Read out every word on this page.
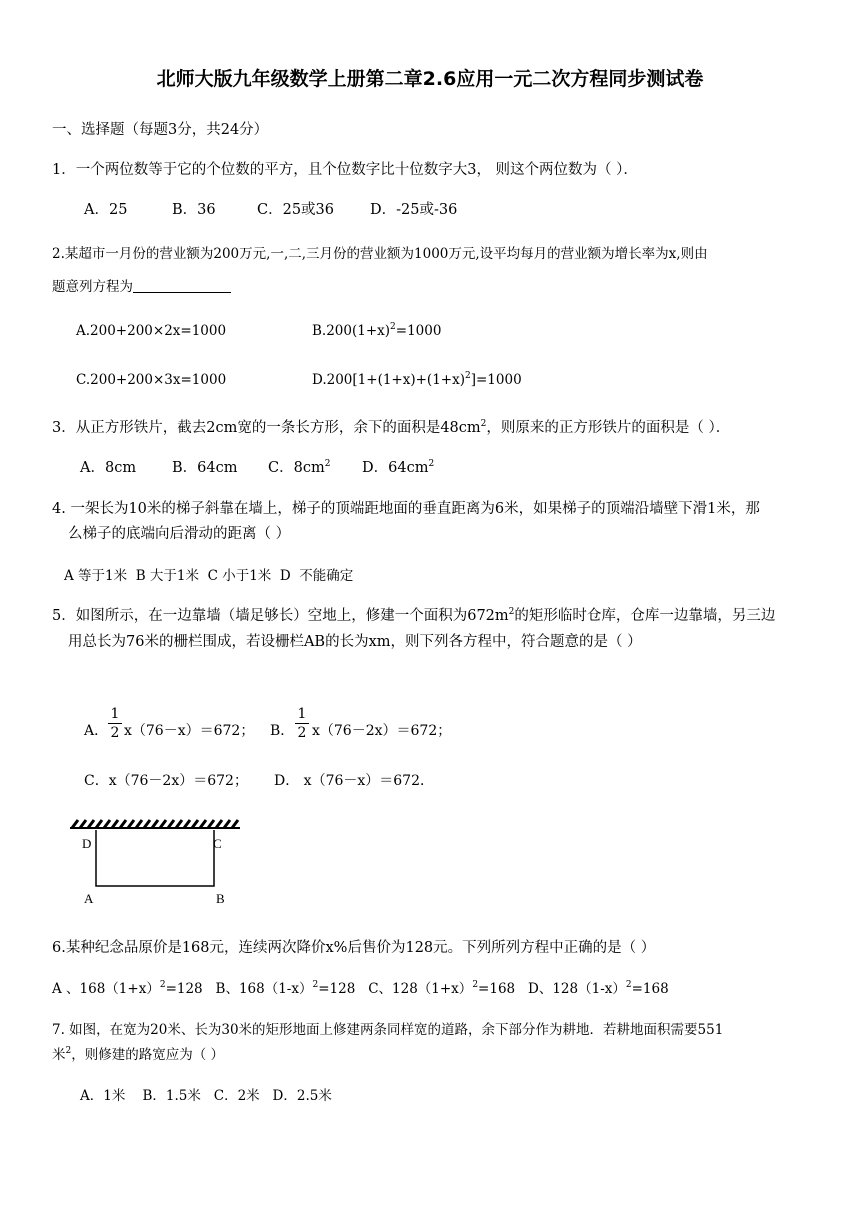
北师大版九年级数学上册第二章2.6应用一元二次方程同步测试卷
一、选择题（每题3分，共24分）
1．一个两位数等于它的个位数的平方，且个位数字比十位数字大3， 则这个两位数为（ ）．
A．25	B．36	C．25或36 D．-25或-36
2.某超市一月份的营业额为200万元,一,二,三月份的营业额为1000万元,设平均每月的营业额为增长率为x,则由
题意列方程为
A.200+200×2x=1000	$B.200(1+x)^2=1000$
C.200+200×3x=1000	$D.200[1+(1+x)+(1+x)^2]=1000$
3．从正方形铁片，截去2cm宽的一条长方形，余下的面积是$48cm^2$，则原来的正方形铁片的面积是（ ）．
A．8cm B．64cm C．$8cm^2$ D．$64cm^2$
4. 一架长为10米的梯子斜靠在墙上，梯子的顶端距地面的垂直距离为6米，如果梯子的顶端沿墙壁下滑1米，那
么梯子的底端向后滑动的距离（ ）
A 等于1米  B 大于1米  C 小于1米  D  不能确定
5．如图所示，在一边靠墙（墙足够长）空地上，修建一个面积为$672m^2$的矩形临时仓库，仓库一边靠墙，另三边
用总长为76米的栅栏围成，若设栅栏AB的长为xm，则下列各方程中，符合题意的是（ ）
A．
1
2 x（76－x）＝672； B．
1
2 x（76－2x）＝672；
C．x（76－2x）＝672； D． x（76－x）＝672．
D	C
A	B
6.某种纪念品原价是168元，连续两次降价x%后售价为128元。下列所列方程中正确的是（ ）
A 、$168(1+x)^2=128$ B、$168(1-x)^2=128$ C、$128(1+x)^2=168$ D、$128(1-x)^2=168$
7. 如图，在宽为20米、长为30米的矩形地面上修建两条同样宽的道路，余下部分作为耕地．若耕地面积需要551
米$^2$，则修建的路宽应为（ ）
A．1米    B．1.5米   C．2米   D．2.5米
